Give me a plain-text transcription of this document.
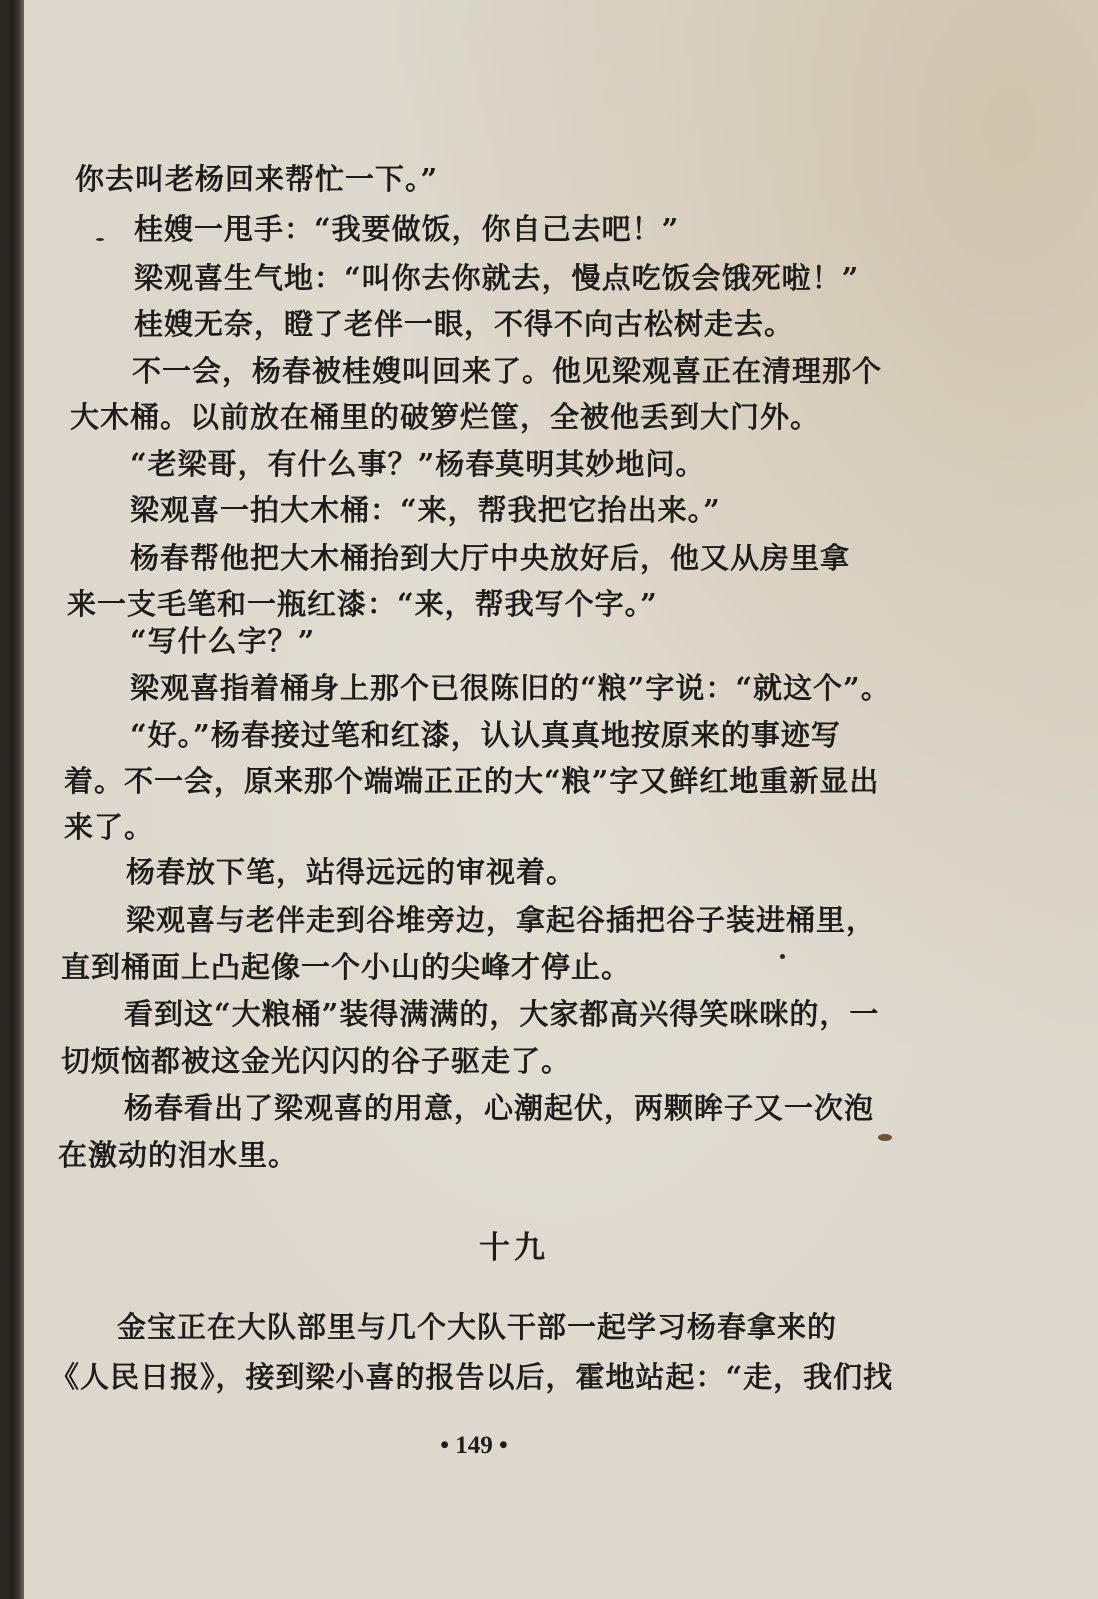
你去叫老杨回来帮忙一下。”
桂嫂一甩手：“我要做饭，你自己去吧！”
梁观喜生气地：“叫你去你就去，慢点吃饭会饿死啦！”
桂嫂无奈，瞪了老伴一眼，不得不向古松树走去。
不一会，杨春被桂嫂叫回来了。他见梁观喜正在清理那个
大木桶。以前放在桶里的破箩烂筐，全被他丢到大门外。
“老梁哥，有什么事？”杨春莫明其妙地问。
梁观喜一拍大木桶：“来，帮我把它抬出来。”
杨春帮他把大木桶抬到大厅中央放好后，他又从房里拿
来一支毛笔和一瓶红漆：“来，帮我写个字。”
“写什么字？”
梁观喜指着桶身上那个已很陈旧的“粮”字说：“就这个”。
“好。”杨春接过笔和红漆，认认真真地按原来的事迹写
着。不一会，原来那个端端正正的大“粮”字又鲜红地重新显出
来了。
杨春放下笔，站得远远的审视着。
梁观喜与老伴走到谷堆旁边，拿起谷插把谷子装进桶里，
直到桶面上凸起像一个小山的尖峰才停止。
看到这“大粮桶”装得满满的，大家都高兴得笑咪咪的，一
切烦恼都被这金光闪闪的谷子驱走了。
杨春看出了梁观喜的用意，心潮起伏，两颗眸子又一次泡
在激动的泪水里。
十九
金宝正在大队部里与几个大队干部一起学习杨春拿来的
《人民日报》，接到梁小喜的报告以后，霍地站起：“走，我们找
• 149 •
